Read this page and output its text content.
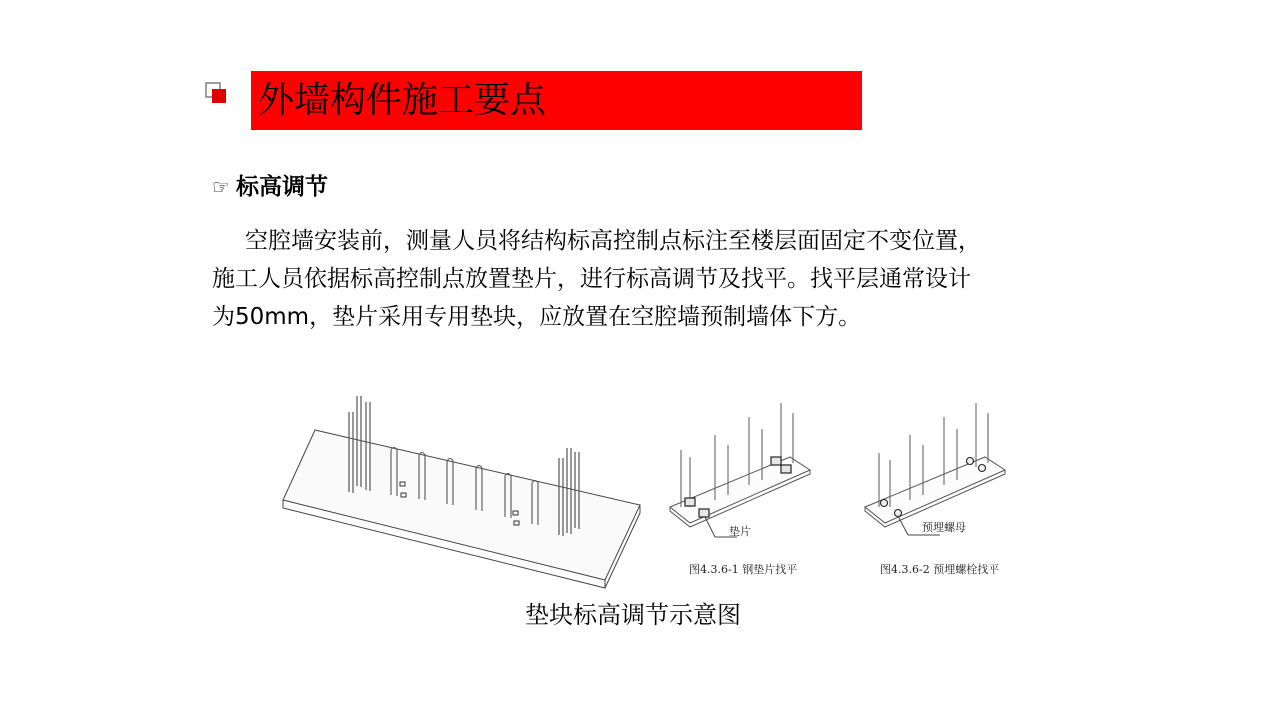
外墙构件施工要点
☞ 标高调节
空腔墙安装前，测量人员将结构标高控制点标注至楼层面固定不变位置，
施工人员依据标高控制点放置垫片，进行标高调节及找平。找平层通常设计
为50mm，垫片采用专用垫块，应放置在空腔墙预制墙体下方。
垫片
图4.3.6-1 钢垫片找平
预埋螺母
图4.3.6-2 预埋螺栓找平
垫块标高调节示意图
